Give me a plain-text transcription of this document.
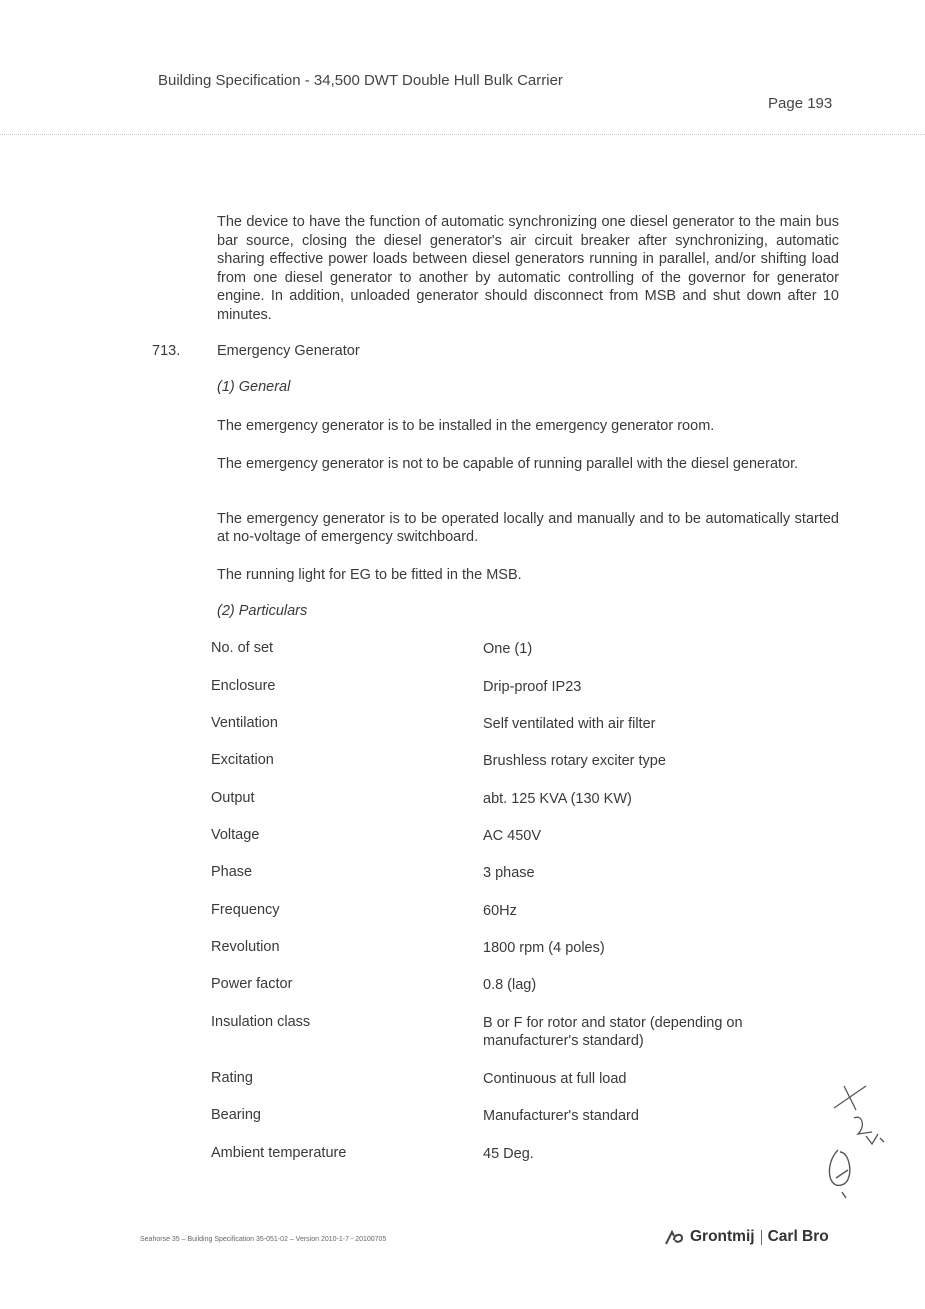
Building Specification - 34,500 DWT Double Hull Bulk Carrier
Page 193

The device to have the function of automatic synchronizing one diesel generator to the main bus bar source, closing the diesel generator's air circuit breaker after synchronizing, automatic sharing effective power loads between diesel generators running in parallel, and/or shifting load from one diesel generator to another by automatic controlling of the governor for generator engine. In addition, unloaded generator should disconnect from MSB and shut down after 10 minutes.

713.	Emergency Generator
(1) General

The emergency generator is to be installed in the emergency generator room.

The emergency generator is not to be capable of running parallel with the diesel generator.

The emergency generator is to be operated locally and manually and to be automatically started at no-voltage of emergency switchboard.

The running light for EG to be fitted in the MSB.

(2) Particulars
No. of set	One (1)
Enclosure	Drip-proof IP23
Ventilation	Self ventilated with air filter
Excitation	Brushless rotary exciter type
Output	abt. 125 KVA (130 KW)
Voltage	AC 450V
Phase	3 phase
Frequency	60Hz
Revolution	1800 rpm (4 poles)
Power factor	0.8 (lag)
Insulation class	B or F for rotor and stator (depending on manufacturer's standard)
Rating	Continuous at full load
Bearing	Manufacturer's standard
Ambient temperature	45 Deg.
Seahorse 35 – Building Specification 35-051-02 – Version 2010-1-7 - 20100705	Grontmij Carl Bro
